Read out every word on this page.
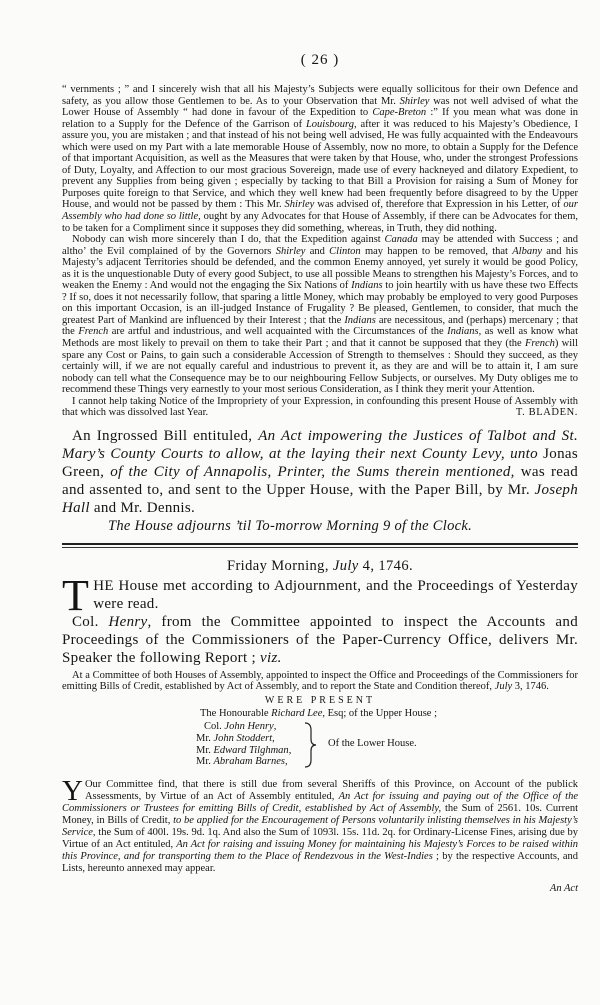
( 26 )

“ vernments ; ” and I sincerely wish that all his Majesty’s Subjects were equally sollicitous for their own Defence and safety, as you allow those Gentlemen to be. As to your Observation that Mr. Shirley was not well advised of what the Lower House of Assembly “ had done in favour of the Expedition to Cape-Breton :” If you mean what was done in relation to a Supply for the Defence of the Garrison of Louisbourg, after it was reduced to his Majesty’s Obedience, I assure you, you are mistaken ; and that instead of his not being well advised, He was fully acquainted with the Endeavours which were used on my Part with a late memorable House of Assembly, now no more, to obtain a Supply for the Defence of that important Acquisition, as well as the Measures that were taken by that House, who, under the strongest Professions of Duty, Loyalty, and Affection to our most gracious Sovereign, made use of every hackneyed and dilatory Expedient, to prevent any Supplies from being given ; especially by tacking to that Bill a Provision for raising a Sum of Money for Purposes quite foreign to that Service, and which they well knew had been frequently before disagreed to by the Upper House, and would not be passed by them : This Mr. Shirley was advised of, therefore that Expression in his Letter, of our Assembly who had done so little, ought by any Advocates for that House of Assembly, if there can be Advocates for them, to be taken for a Compliment since it supposes they did something, whereas, in Truth, they did nothing.

Nobody can wish more sincerely than I do, that the Expedition against Canada may be attended with Success ; and altho’ the Evil complained of by the Governors Shirley and Clinton may happen to be removed, that Albany and his Majesty’s adjacent Territories should be defended, and the common Enemy annoyed, yet surely it would be good Policy, as it is the unquestionable Duty of every good Subject, to use all possible Means to strengthen his Majesty’s Forces, and to weaken the Enemy : And would not the engaging the Six Nations of Indians to join heartily with us have these two Effects ? If so, does it not necessarily follow, that sparing a little Money, which may probably be employed to very good Purposes on this important Occasion, is an ill-judged Instance of Frugality ? Be pleased, Gentlemen, to consider, that much the greatest Part of Mankind are influenced by their Interest ; that the Indians are necessitous, and (perhaps) mercenary ; that the French are artful and industrious, and well acquainted with the Circumstances of the Indians, as well as know what Methods are most likely to prevail on them to take their Part ; and that it cannot be supposed that they (the French) will spare any Cost or Pains, to gain such a considerable Accession of Strength to themselves : Should they succeed, as they certainly will, if we are not equally careful and industrious to prevent it, as they are and will be to attain it, I am sure nobody can tell what the Consequence may be to our neighbouring Fellow Subjects, or ourselves. My Duty obliges me to recommend these Things very earnestly to your most serious Consideration, as I think they merit your Attention.

I cannot help taking Notice of the Impropriety of your Expression, in confounding this present House of Assembly with that which was dissolved last Year.	T. BLADEN.

An Ingrossed Bill entituled, An Act impowering the Justices of Talbot and St. Mary’s County Courts to allow, at the laying their next County Levy, unto Jonas Green, of the City of Annapolis, Printer, the Sums therein mentioned, was read and assented to, and sent to the Upper House, with the Paper Bill, by Mr. Joseph Hall and Mr. Dennis.

The House adjourns ’til To-morrow Morning 9 of the Clock.

Friday Morning, July 4, 1746.

THE House met according to Adjournment, and the Proceedings of Yesterday were read.

Col. Henry, from the Committee appointed to inspect the Accounts and Proceedings of the Commissioners of the Paper-Currency Office, delivers Mr. Speaker the following Report ; viz.

At a Committee of both Houses of Assembly, appointed to inspect the Office and Proceedings of the Commissioners for emitting Bills of Credit, established by Act of Assembly, and to report the State and Condition thereof, July 3, 1746.

WERE PRESENT
The Honourable Richard Lee, Esq; of the Upper House ;
Col. John Henry,
Mr. John Stoddert,
Mr. Edward Tilghman,
Mr. Abraham Barnes,
Of the Lower House.

Y Our Committee find, that there is still due from several Sheriffs of this Province, on Account of the publick Assessments, by Virtue of an Act of Assembly entituled, An Act for issuing and paying out of the Office of the Commissioners or Trustees for emitting Bills of Credit, established by Act of Assembly, the Sum of 2561. 10s. Current Money, in Bills of Credit, to be applied for the Encouragement of Persons voluntarily inlisting themselves in his Majesty’s Service, the Sum of 400l. 19s. 9d. 1q. And also the Sum of 1093l. 15s. 11d. 2q. for Ordinary-License Fines, arising due by Virtue of an Act entituled, An Act for raising and issuing Money for maintaining his Majesty’s Forces to be raised within this Province, and for transporting them to the Place of Rendezvous in the West-Indies ; by the respective Accounts, and Lists, hereunto annexed may appear.

An Act
